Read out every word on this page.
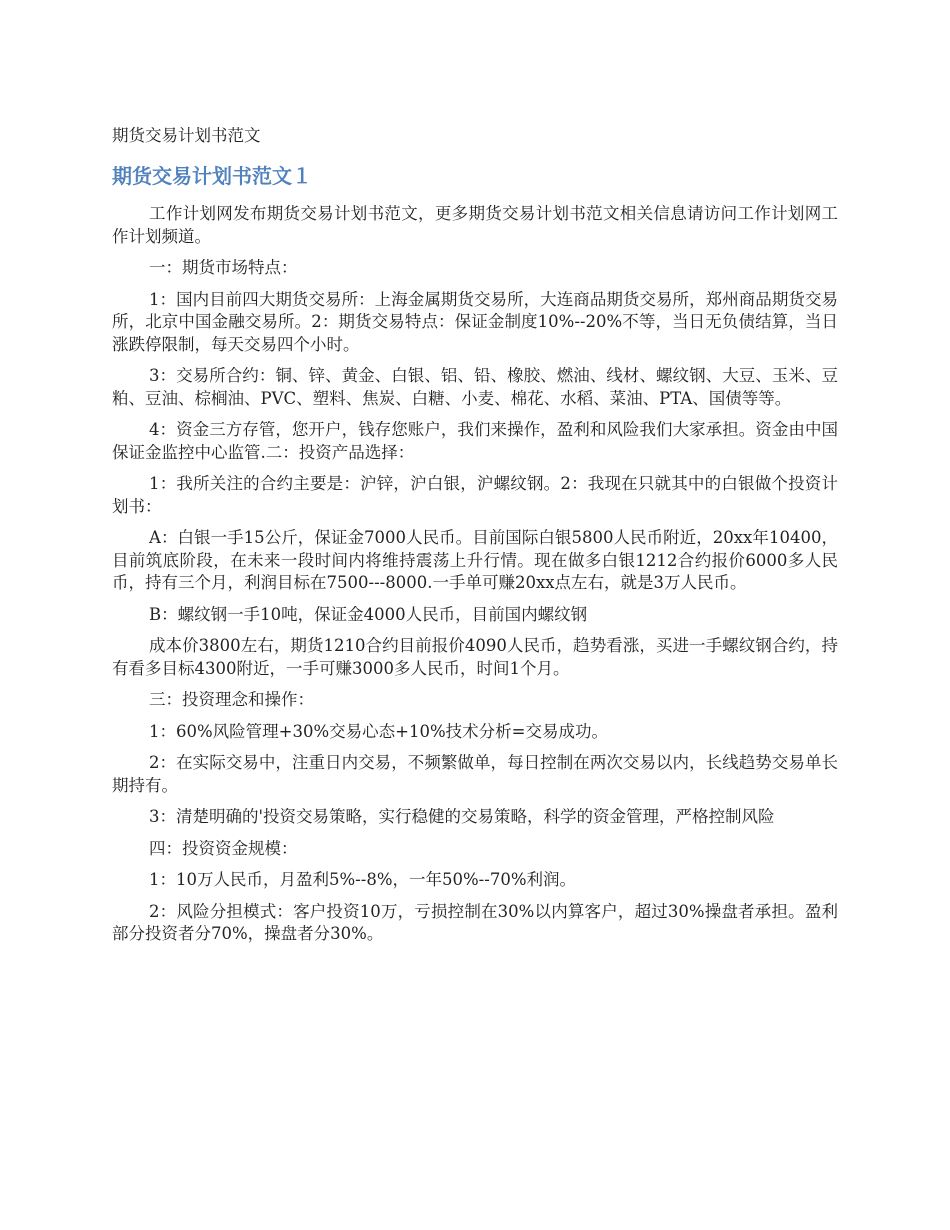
期货交易计划书范文
期货交易计划书范文１

工作计划网发布期货交易计划书范文，更多期货交易计划书范文相关信息请访问工作计划网工作计划频道。

一：期货市场特点：

1：国内目前四大期货交易所：上海金属期货交易所，大连商品期货交易所，郑州商品期货交易所，北京中国金融交易所。2：期货交易特点：保证金制度10%--20%不等，当日无负债结算，当日涨跌停限制，每天交易四个小时。

3：交易所合约：铜、锌、黄金、白银、铝、铅、橡胶、燃油、线材、螺纹钢、大豆、玉米、豆粕、豆油、棕榈油、PVC、塑料、焦炭、白糖、小麦、棉花、水稻、菜油、PTA、国债等等。

4：资金三方存管，您开户，钱存您账户，我们来操作，盈利和风险我们大家承担。资金由中国保证金监控中心监管.二：投资产品选择：

1：我所关注的合约主要是：沪锌，沪白银，沪螺纹钢。2：我现在只就其中的白银做个投资计划书：

A：白银一手15公斤，保证金7000人民币。目前国际白银5800人民币附近，20xx年10400，目前筑底阶段，在未来一段时间内将维持震荡上升行情。现在做多白银1212合约报价6000多人民币，持有三个月，利润目标在7500---8000.一手单可赚20xx点左右，就是3万人民币。

B：螺纹钢一手10吨，保证金4000人民币，目前国内螺纹钢

成本价3800左右，期货1210合约目前报价4090人民币，趋势看涨，买进一手螺纹钢合约，持有看多目标4300附近，一手可赚3000多人民币，时间1个月。

三：投资理念和操作：

1：60%风险管理+30%交易心态+10%技术分析=交易成功。

2：在实际交易中，注重日内交易，不频繁做单，每日控制在两次交易以内，长线趋势交易单长期持有。

3：清楚明确的'投资交易策略，实行稳健的交易策略，科学的资金管理，严格控制风险

四：投资资金规模：

1：10万人民币，月盈利5%--8%，一年50%--70%利润。

2：风险分担模式：客户投资10万，亏损控制在30%以内算客户，超过30%操盘者承担。盈利部分投资者分70%，操盘者分30%。
